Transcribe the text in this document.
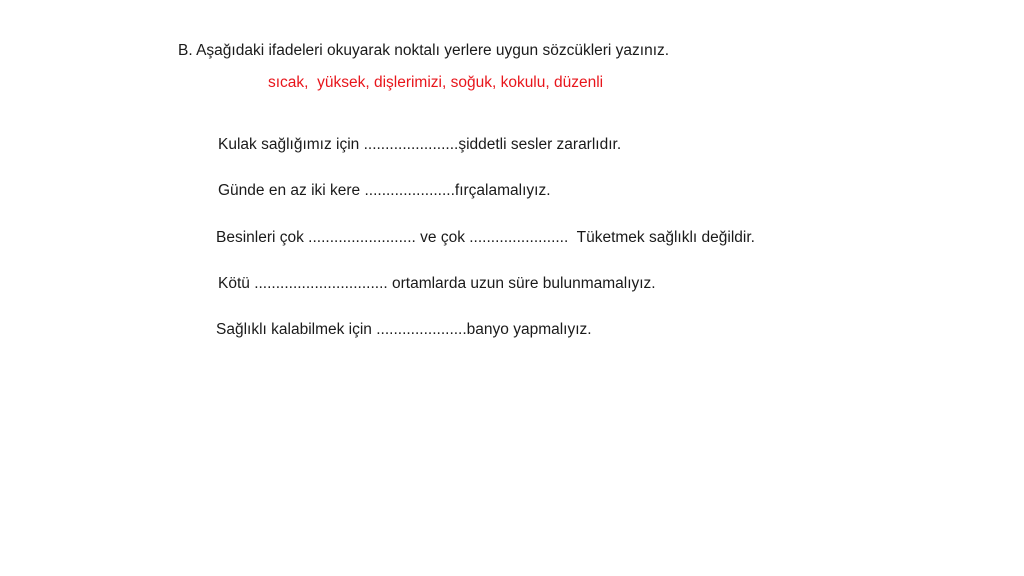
B. Aşağıdaki ifadeleri okuyarak noktalı yerlere uygun sözcükleri yazınız.
sıcak,  yüksek, dişlerimizi, soğuk, kokulu, düzenli
Kulak sağlığımız için ......................şiddetli sesler zararlıdır.
Günde en az iki kere .....................fırçalamalıyız.
Besinleri çok ......................... ve çok .......................  Tüketmek sağlıklı değildir.
Kötü ............................... ortamlarda uzun süre bulunmamalıyız.
Sağlıklı kalabilmek için .....................banyo yapmalıyız.
